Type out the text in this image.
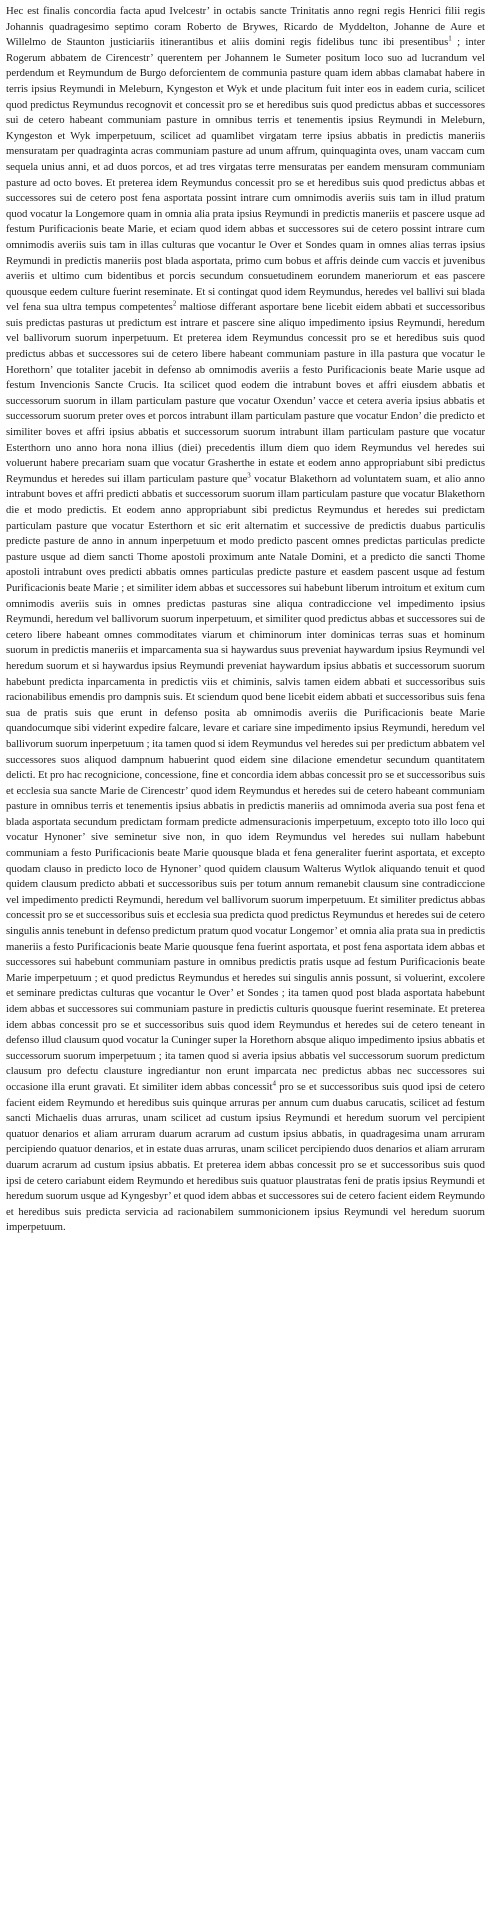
Hec est finalis concordia facta apud Ivelcestr’ in octabis sancte Trinitatis anno regni regis Henrici filii regis Johannis quadragesimo septimo coram Roberto de Brywes, Ricardo de Myddelton, Johanne de Aure et Willelmo de Staunton justiciariis itinerantibus et aliis domini regis fidelibus tunc ibi presentibus$^1$ ; inter Rogerum abbatem de Cirencestr’ querentem per Johannem le Sumeter positum loco suo ad lucrandum vel perdendum et Reymundum de Burgo deforcientem de communia pasture quam idem abbas clamabat habere in terris ipsius Reymundi in Meleburn, Kyngeston et Wyk et unde placitum fuit inter eos in eadem curia, scilicet quod predictus Reymundus recognovit et concessit pro se et heredibus suis quod predictus abbas et successores sui de cetero habeant communiam pasture in omnibus terris et tenementis ipsius Reymundi in Meleburn, Kyngeston et Wyk imperpetuum, scilicet ad quamlibet virgatam terre ipsius abbatis in predictis maneriis mensuratam per quadraginta acras communiam pasture ad unum affrum, quinquaginta oves, unam vaccam cum sequela unius anni, et ad duos porcos, et ad tres virgatas terre mensuratas per eandem mensuram communiam pasture ad octo boves. Et preterea idem Reymundus concessit pro se et heredibus suis quod predictus abbas et successores sui de cetero post fena asportata possint intrare cum omnimodis averiis suis tam in illud pratum quod vocatur la Longemore quam in omnia alia prata ipsius Reymundi in predictis maneriis et pascere usque ad festum Purificacionis beate Marie, et eciam quod idem abbas et successores sui de cetero possint intrare cum omnimodis averiis suis tam in illas culturas que vocantur le Over et Sondes quam in omnes alias terras ipsius Reymundi in predictis maneriis post blada asportata, primo cum bobus et affris deinde cum vaccis et juvenibus averiis et ultimo cum bidentibus et porcis secundum consuetudinem eorundem maneriorum et eas pascere quousque eedem culture fuerint reseminate. Et si contingat quod idem Reymundus, heredes vel ballivi sui blada vel fena sua ultra tempus competentes$^2$ maltiose differant asportare bene licebit eidem abbati et successoribus suis predictas pasturas ut predictum est intrare et pascere sine aliquo impedimento ipsius Reymundi, heredum vel ballivorum suorum inperpetuum. Et preterea idem Reymundus concessit pro se et heredibus suis quod predictus abbas et successores sui de cetero libere habeant communiam pasture in illa pastura que vocatur le Horethorn’ que totaliter jacebit in defenso ab omnimodis averiis a festo Purificacionis beate Marie usque ad festum Invencionis Sancte Crucis. Ita scilicet quod eodem die intrabunt boves et affri eiusdem abbatis et successorum suorum in illam particulam pasture que vocatur Oxendun’ vacce et cetera averia ipsius abbatis et successorum suorum preter oves et porcos intrabunt illam particulam pasture que vocatur Endon’ die predicto et similiter boves et affri ipsius abbatis et successorum suorum intrabunt illam particulam pasture que vocatur Esterthorn uno anno hora nona illius (diei) precedentis illum diem quo idem Reymundus vel heredes sui voluerunt habere precariam suam que vocatur Grasherthe in estate et eodem anno appropriabunt sibi predictus Reymundus et heredes sui illam particulam pasture que$^3$ vocatur Blakethorn ad voluntatem suam, et alio anno intrabunt boves et affri predicti abbatis et successorum suorum illam particulam pasture que vocatur Blakethorn die et modo predictis. Et eodem anno appropriabunt sibi predictus Reymundus et heredes sui predictam particulam pasture que vocatur Esterthorn et sic erit alternatim et successive de predictis duabus particulis predicte pasture de anno in annum inperpetuum et modo predicto pascent omnes predictas particulas predicte pasture usque ad diem sancti Thome apostoli proximum ante Natale Domini, et a predicto die sancti Thome apostoli intrabunt oves predicti abbatis omnes particulas predicte pasture et easdem pascent usque ad festum Purificacionis beate Marie ; et similiter idem abbas et successores sui habebunt liberum introitum et exitum cum omnimodis averiis suis in omnes predictas pasturas sine aliqua contradiccione vel impedimento ipsius Reymundi, heredum vel ballivorum suorum inperpetuum, et similiter quod predictus abbas et successores sui de cetero libere habeant omnes commoditates viarum et chiminorum inter dominicas terras suas et hominum suorum in predictis maneriis et imparcamenta sua si haywardus suus preveniat haywardum ipsius Reymundi vel heredum suorum et si haywardus ipsius Reymundi preveniat haywardum ipsius abbatis et successorum suorum habebunt predicta inparcamenta in predictis viis et chiminis, salvis tamen eidem abbati et successoribus suis racionabilibus emendis pro dampnis suis. Et sciendum quod bene licebit eidem abbati et successoribus suis fena sua de pratis suis que erunt in defenso posita ab omnimodis averiis die Purificacionis beate Marie quandocumque sibi viderint expedire falcare, levare et cariare sine impedimento ipsius Reymundi, heredum vel ballivorum suorum inperpetuum ; ita tamen quod si idem Reymundus vel heredes sui per predictum abbatem vel successores suos aliquod dampnum habuerint quod eidem sine dilacione emendetur secundum quantitatem delicti. Et pro hac recognicione, concessione, fine et concordia idem abbas concessit pro se et successoribus suis et ecclesia sua sancte Marie de Cirencestr’ quod idem Reymundus et heredes sui de cetero habeant communiam pasture in omnibus terris et tenementis ipsius abbatis in predictis maneriis ad omnimoda averia sua post fena et blada asportata secundum predictam formam predicte admensuracionis imperpetuum, excepto toto illo loco qui vocatur Hynoner’ sive seminetur sive non, in quo idem Reymundus vel heredes sui nullam habebunt communiam a festo Purificacionis beate Marie quousque blada et fena generaliter fuerint asportata, et excepto quodam clauso in predicto loco de Hynoner’ quod quidem clausum Walterus Wytlok aliquando tenuit et quod quidem clausum predicto abbati et successoribus suis per totum annum remanebit clausum sine contradiccione vel impedimento predicti Reymundi, heredum vel ballivorum suorum imperpetuum. Et similiter predictus abbas concessit pro se et successoribus suis et ecclesia sua predicta quod predictus Reymundus et heredes sui de cetero singulis annis tenebunt in defenso predictum pratum quod vocatur Longemor’ et omnia alia prata sua in predictis maneriis a festo Purificacionis beate Marie quousque fena fuerint asportata, et post fena asportata idem abbas et successores sui habebunt communiam pasture in omnibus predictis pratis usque ad festum Purificacionis beate Marie imperpetuum ; et quod predictus Reymundus et heredes sui singulis annis possunt, si voluerint, excolere et seminare predictas culturas que vocantur le Over’ et Sondes ; ita tamen quod post blada asportata habebunt idem abbas et successores sui communiam pasture in predictis culturis quousque fuerint reseminate. Et preterea idem abbas concessit pro se et successoribus suis quod idem Reymundus et heredes sui de cetero teneant in defenso illud clausum quod vocatur la Cuninger super la Horethorn absque aliquo impedimento ipsius abbatis et successorum suorum imperpetuum ; ita tamen quod si averia ipsius abbatis vel successorum suorum predictum clausum pro defectu clausture ingrediantur non erunt imparcata nec predictus abbas nec successores sui occasione illa erunt gravati. Et similiter idem abbas concessit$^4$ pro se et successoribus suis quod ipsi de cetero facient eidem Reymundo et heredibus suis quinque arruras per annum cum duabus carucatis, scilicet ad festum sancti Michaelis duas arruras, unam scilicet ad custum ipsius Reymundi et heredum suorum vel percipient quatuor denarios et aliam arruram duarum acrarum ad custum ipsius abbatis, in quadragesima unam arruram percipiendo quatuor denarios, et in estate duas arruras, unam scilicet percipiendo duos denarios et aliam arruram duarum acrarum ad custum ipsius abbatis. Et preterea idem abbas concessit pro se et successoribus suis quod ipsi de cetero cariabunt eidem Reymundo et heredibus suis quatuor plaustratas feni de pratis ipsius Reymundi et heredum suorum usque ad Kyngesbyr’ et quod idem abbas et successores sui de cetero facient eidem Reymundo et heredibus suis predicta servicia ad racionabilem summonicionem ipsius Reymundi vel heredum suorum imperpetuum.
